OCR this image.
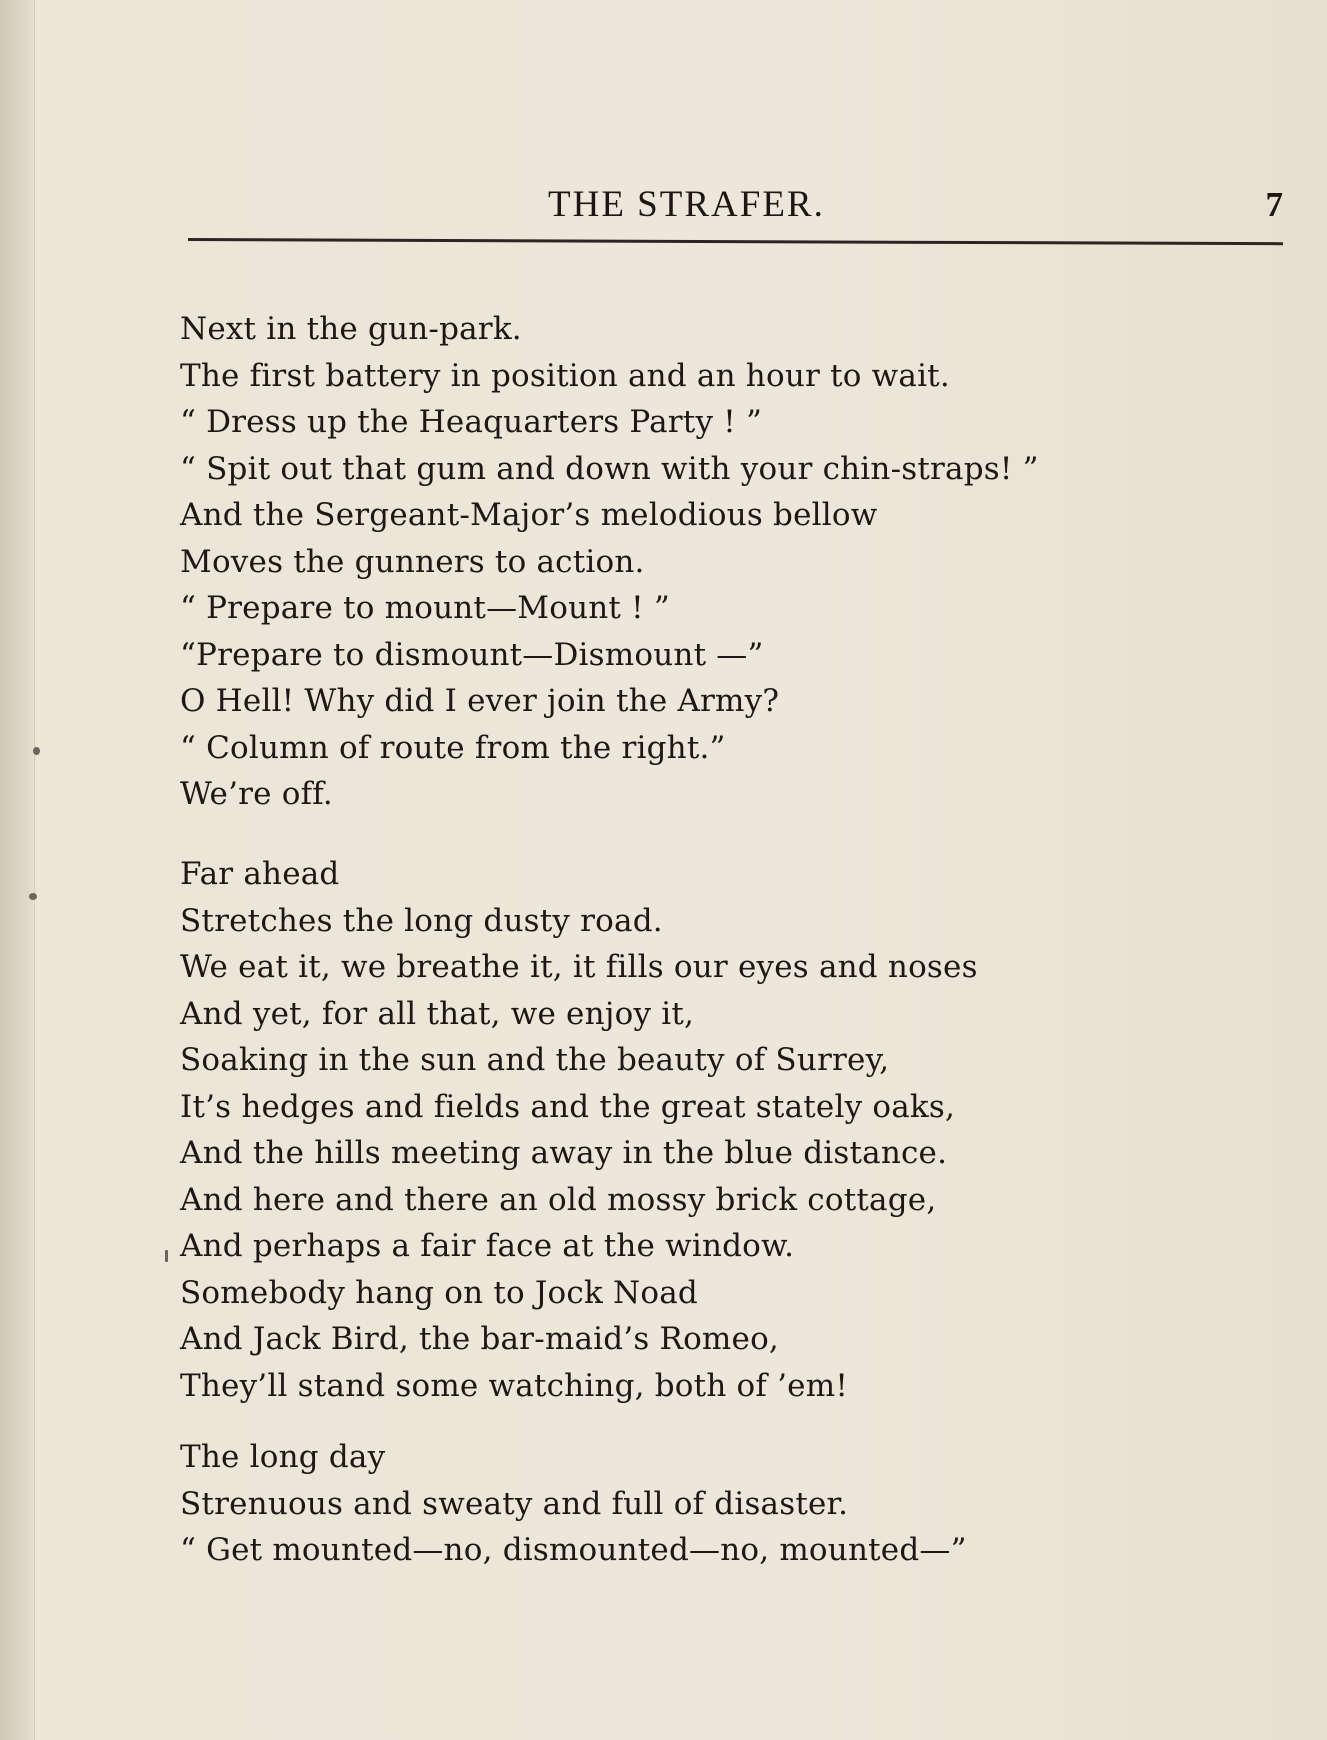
THE STRAFER.	7
Next in the gun-park.
The first battery in position and an hour to wait.
“ Dress up the Heaquarters Party ! ”
“ Spit out that gum and down with your chin-straps! ”
And the Sergeant-Major’s melodious bellow
Moves the gunners to action.
“ Prepare to mount—Mount ! ”
“Prepare to dismount—Dismount —”
O Hell! Why did I ever join the Army?
“ Column of route from the right.”
We’re off.
Far ahead
Stretches the long dusty road.
We eat it, we breathe it, it fills our eyes and noses
And yet, for all that, we enjoy it,
Soaking in the sun and the beauty of Surrey,
It’s hedges and fields and the great stately oaks,
And the hills meeting away in the blue distance.
And here and there an old mossy brick cottage,
And perhaps a fair face at the window.
Somebody hang on to Jock Noad
And Jack Bird, the bar-maid’s Romeo,
They’ll stand some watching, both of ’em!
The long day
Strenuous and sweaty and full of disaster.
“ Get mounted—no, dismounted—no, mounted—”
